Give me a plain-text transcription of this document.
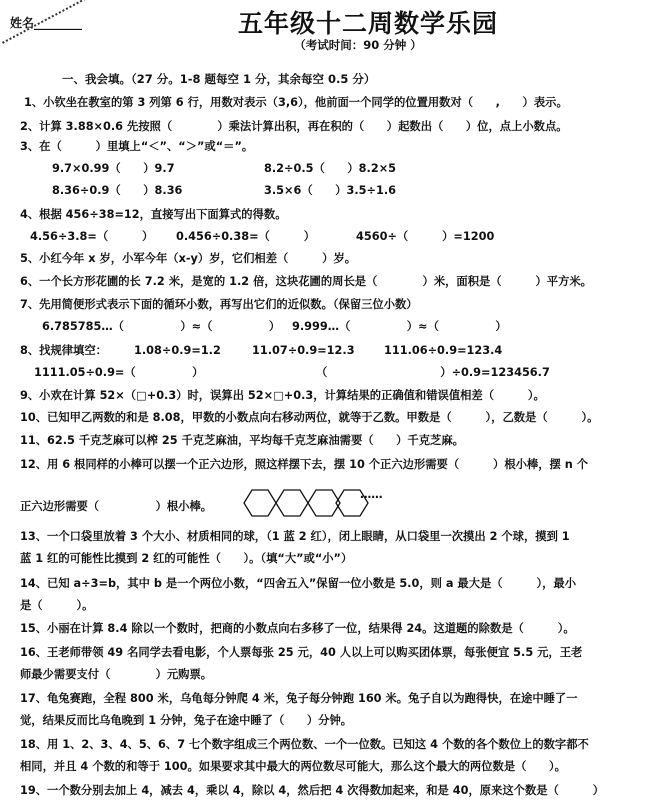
姓名________	五年级十二周数学乐园
（考试时间：90 分钟 ）
一、我会填。（27 分。1-8 题每空 1 分，其余每空 0.5 分）
1、小钦坐在教室的第 3 列第 6 行，用数对表示（3,6），他前面一个同学的位置用数对（　　,　　）表示。
2、计算 3.88×0.6 先按照（　　　　）乘法计算出积，再在积的（　　）起数出（　　）位，点上小数点。
3、在（　　　）里填上“＜”、“＞”或“＝”。
9.7×0.99（　　）9.7	8.2÷0.5（　　）8.2×5
8.36÷0.9（　　）8.36	3.5×6（　　）3.5÷1.6
4、根据 456÷38=12，直接写出下面算式的得数。
4.56÷3.8=（　　　） 0.456÷0.38=（　　　）	4560÷（　　　）=1200
5、小红今年 x 岁，小军今年（x-y）岁，它们相差（　　　）岁。
6、一个长方形花圃的长 7.2 米，是宽的 1.2 倍，这块花圃的周长是（　　　　）米，面积是（　　　）平方米。
7、先用简便形式表示下面的循环小数，再写出它们的近似数。（保留三位小数）
6.785785…（　　　　　）≈（　　　　　） 9.999…（　　　　　）≈（　　　　　）
8、找规律填空： 1.08÷0.9=1.2	11.07÷0.9=12.3	111.06÷0.9=123.4
1111.05÷0.9=（　　　　　）	（　　　　　　　　　　）÷0.9=123456.7
9、小欢在计算 52×（□+0.3）时，误算出 52×□+0.3，计算结果的正确值和错误值相差（　　　）。
10、已知甲乙两数的和是 8.08，甲数的小数点向右移动两位，就等于乙数。甲数是（　　　），乙数是（　　　）。
11、62.5 千克芝麻可以榨 25 千克芝麻油，平均每千克芝麻油需要（　　）千克芝麻。
12、用 6 根同样的小棒可以摆一个正六边形，照这样摆下去，摆 10 个正六边形需要（　　　）根小棒，摆 n 个
正六边形需要（　　　　　）根小棒。
……
13、一个口袋里放着 3 个大小、材质相同的球，（1 蓝 2 红），闭上眼睛，从口袋里一次摸出 2 个球，摸到 1
蓝 1 红的可能性比摸到 2 红的可能性（　　）。（填“大”或“小”）
14、已知 a÷3=b，其中 b 是一个两位小数，“四舍五入”保留一位小数是 5.0，则 a 最大是（　　　），最小
是（　　　）。
15、小丽在计算 8.4 除以一个数时，把商的小数点向右多移了一位，结果得 24。这道题的除数是（　　　）。
16、王老师带领 49 名同学去看电影，个人票每张 25 元，40 人以上可以购买团体票，每张便宜 5.5 元，王老
师最少需要支付（　　　　）元购票。
17、龟兔赛跑，全程 800 米，乌龟每分钟爬 4 米，兔子每分钟跑 160 米。兔子自以为跑得快，在途中睡了一
觉，结果反而比乌龟晚到 1 分钟，兔子在途中睡了（　　）分钟。
18、用 1、2、3、4、5、6、7 七个数字组成三个两位数、一个一位数。已知这 4 个数的各个数位上的数字都不
相同，并且 4 个数的和等于 100。如果要求其中最大的两位数尽可能大，那么这个最大的两位数是（　　）。
19、一个数分别去加上 4，减去 4，乘以 4，除以 4，然后把 4 次得数加起来，和是 40，原来这个数是（　　　）
